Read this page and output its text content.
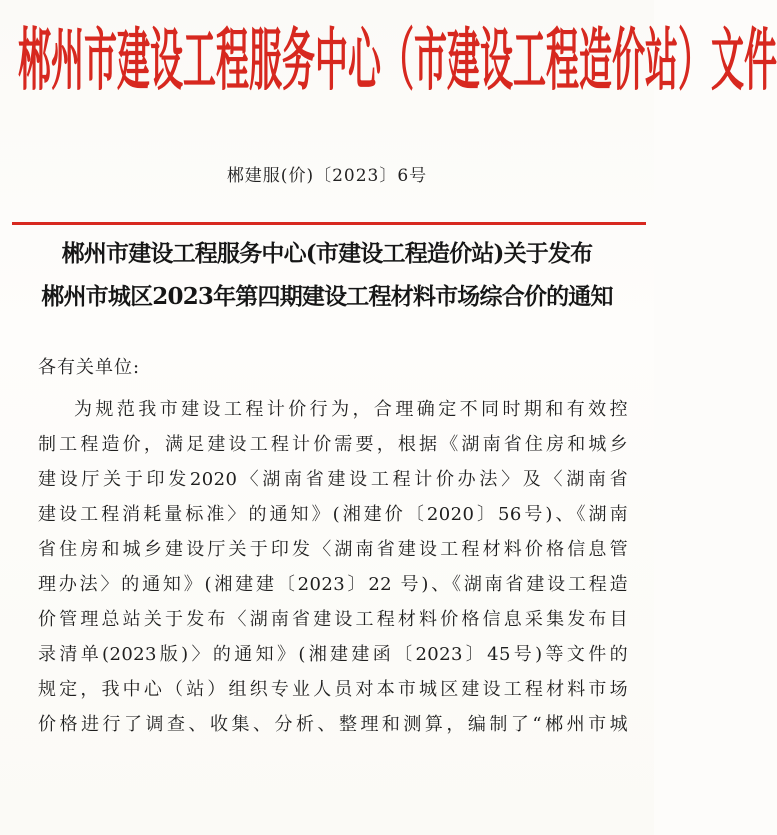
郴州市建设工程服务中心（市建设工程造价站）文件
郴建服(价)〔2023〕6号
郴州市建设工程服务中心(市建设工程造价站)关于发布
郴州市城区2023年第四期建设工程材料市场综合价的通知
各有关单位:
为规范我市建设工程计价行为，合理确定不同时期和有效控
制工程造价，满足建设工程计价需要，根据《湖南省住房和城乡
建设厅关于印发2020〈湖南省建设工程计价办法〉及〈湖南省
建设工程消耗量标准〉的通知》(湘建价〔2020〕56号)、《湖南
省住房和城乡建设厅关于印发〈湖南省建设工程材料价格信息管
理办法〉的通知》(湘建建〔2023〕22 号)、《湖南省建设工程造
价管理总站关于发布〈湖南省建设工程材料价格信息采集发布目
录清单(2023版)〉的通知》(湘建建函〔2023〕45号)等文件的
规定，我中心（站）组织专业人员对本市城区建设工程材料市场
价格进行了调查、收集、分析、整理和测算，编制了“郴州市城
